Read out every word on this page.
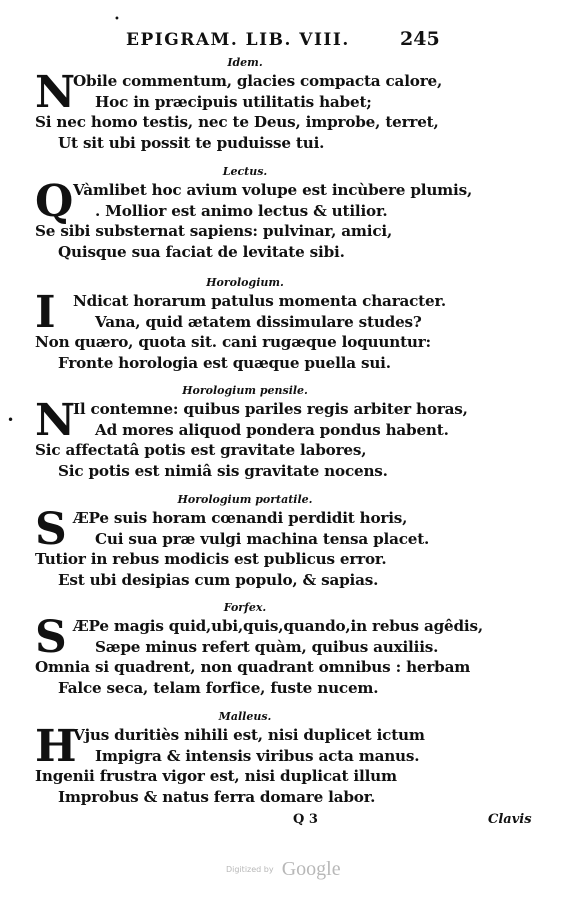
•
•
EPIGRAM. LIB. VIII.	245
Idem.
N
Obile commentum, glacies compacta calore,
Hoc in præcipuis utilitatis habet;
Si nec homo testis, nec te Deus, improbe, terret,
Ut sit ubi possit te puduisse tui.
Lectus.
Q Vàmlibet hoc avium volupe est incùbere plumis,
. Mollior est animo lectus & utilior.
Se sibi substernat sapiens: pulvinar, amici,
Quisque sua faciat de levitate sibi.
Horologium.
I Ndicat horarum patulus momenta character.
Vana, quid ætatem dissimulare studes?
Non quæro, quota sit. cani rugæque loquuntur:
Fronte horologia est quæque puella sui.
Horologium pensile.
N
Il contemne: quibus pariles regis arbiter horas,
Ad mores aliquod pondera pondus habent.
Sic affectatâ potis est gravitate labores,
Sic potis est nimiâ sis gravitate nocens.
Horologium portatile.
S ÆPe suis horam cœnandi perdidit horis,
Cui sua præ vulgi machina tensa placet.
Tutior in rebus modicis est publicus error.
Est ubi desipias cum populo, & sapias.
Forfex.
S ÆPe magis quid,ubi,quis,quando,in rebus agêdis,
Sæpe minus refert quàm, quibus auxiliis.
Omnia si quadrent, non quadrant omnibus : herbam
Falce seca, telam forfice, fuste nucem.
Malleus.
H
Vjus duritiès nihili est, nisi duplicet ictum
Impigra & intensis viribus acta manus.
Ingenii frustra vigor est, nisi duplicat illum
Improbus & natus ferra domare labor.
Q 3	Clavis
Digitized by Google
